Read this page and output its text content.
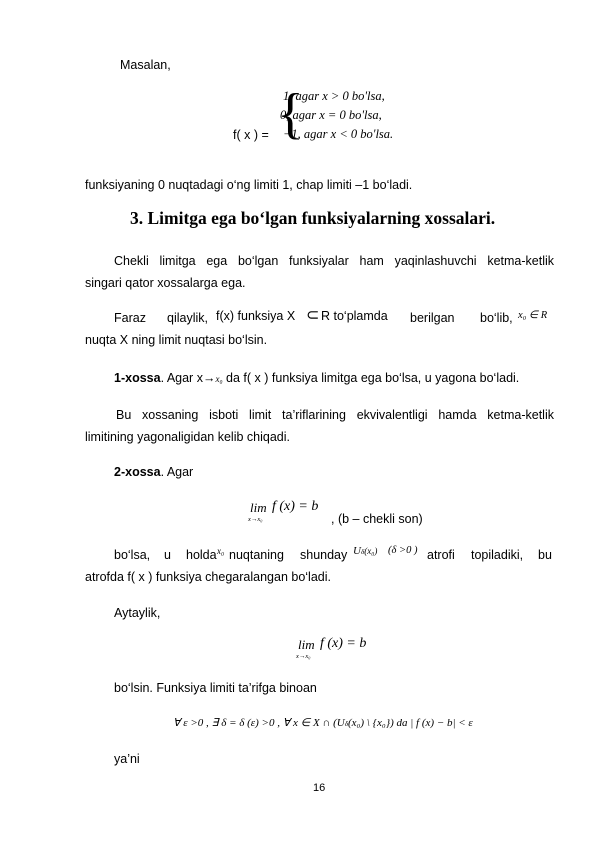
Masalan,
f( x ) = {
1, agar x > 0 bo'lsa,
0, agar x = 0 bo'lsa,
−1, agar x < 0 bo'lsa.
funksiyaning 0 nuqtadagi o‘ng limiti 1, chap limiti –1 bo‘ladi.
3. Limitga ega bo‘lgan funksiyalarning xossalari.
Chekli limitga ega bo‘lgan funksiyalar ham yaqinlashuvchi ketma-ketlik
singari qator xossalarga ega.
Faraz qilaylik, f(x) funksiya X ⊂ R to‘plamda berilgan bo‘lib, x₀ ∈ R
nuqta X ning limit nuqtasi bo‘lsin.
1-xossa. Agar x→x₀ da f( x ) funksiya limitga ega bo‘lsa, u yagona bo‘ladi.
Bu xossaning isboti limit ta’riflarining ekvivalentligi hamda ketma-ketlik
limitining yagonaligidan kelib chiqadi.
2-xossa. Agar
lim
x→x₀
f (x) = b
, (b – chekli son)
bo‘lsa, u holda x₀ nuqtaning shunday Uδ(x₀) (δ >0 ) atrofi topiladiki, bu
atrofda f( x ) funksiya chegaralangan bo‘ladi.
Aytaylik,
lim
x→x₀
f (x) = b
bo‘lsin. Funksiya limiti ta’rifga binoan
∀ ε >0 , ∃ δ = δ (ε) >0 , ∀ x ∈ X ∩ (Uδ(x₀) \ {x₀}) da | f (x) − b| < ε
ya’ni
16
